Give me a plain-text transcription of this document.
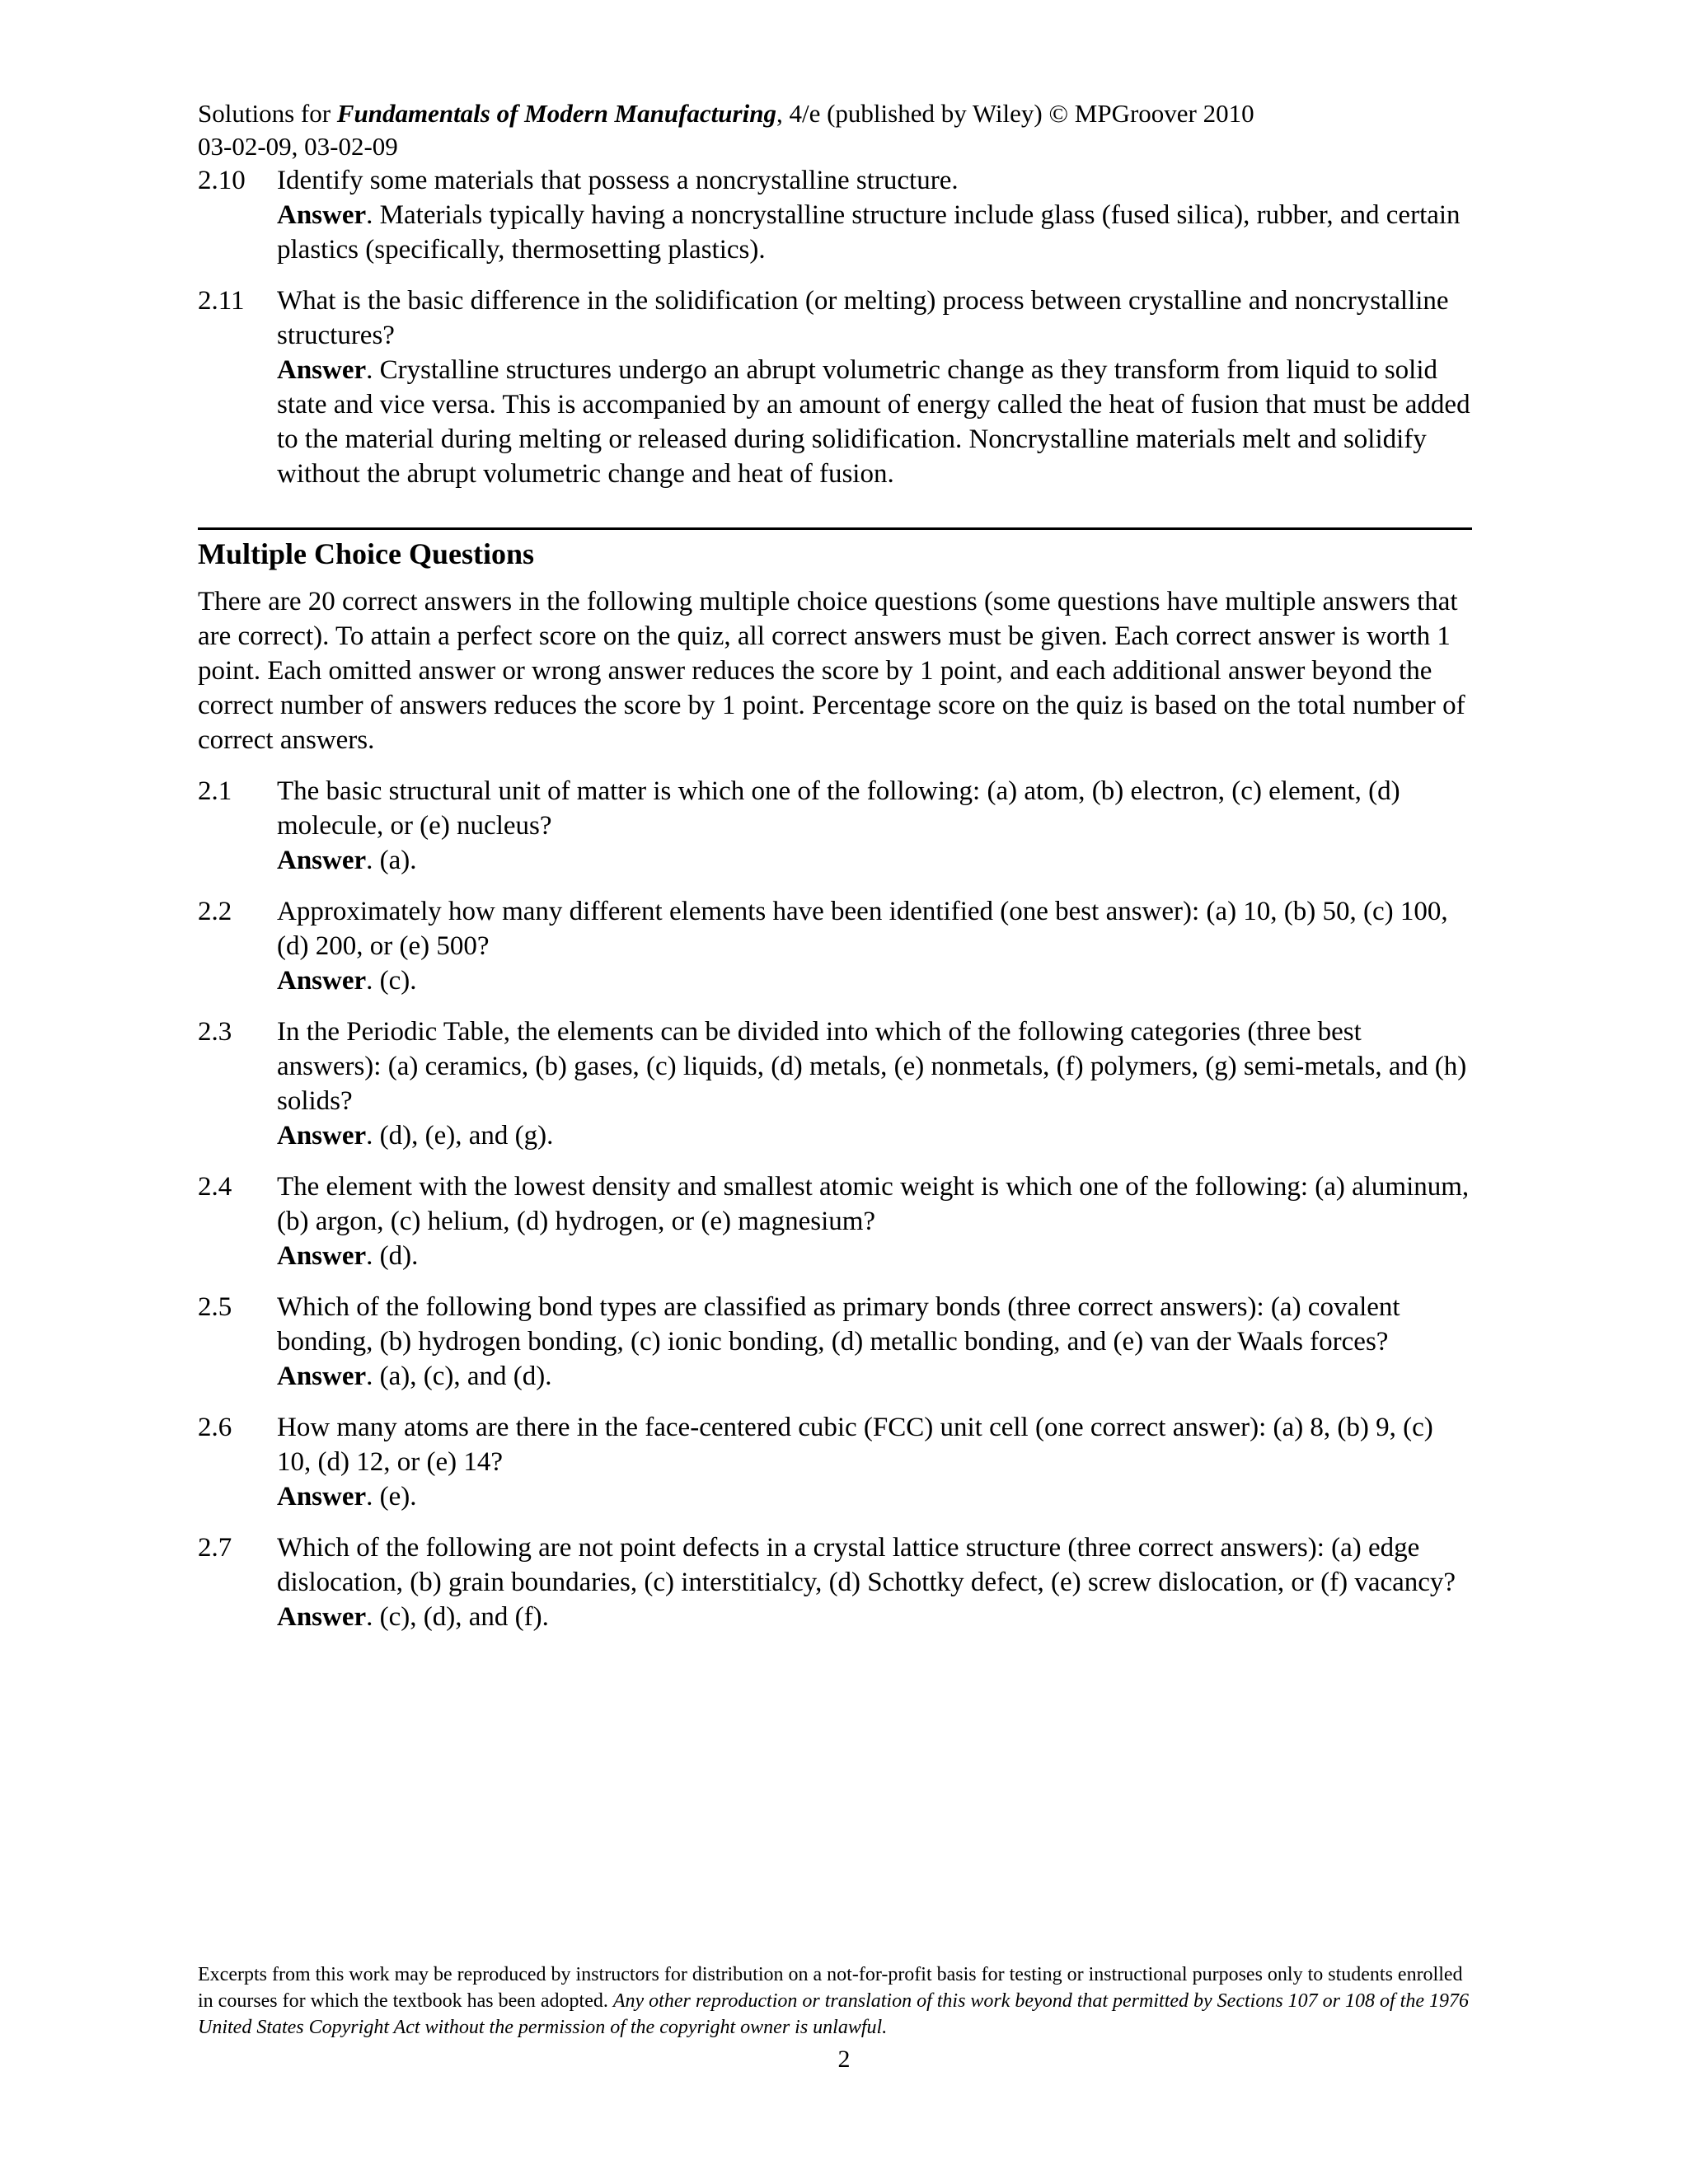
Solutions for Fundamentals of Modern Manufacturing, 4/e (published by Wiley) © MPGroover 2010
03-02-09, 03-02-09
2.10	Identify some materials that possess a noncrystalline structure.

Answer. Materials typically having a noncrystalline structure include glass (fused silica), rubber, and certain plastics (specifically, thermosetting plastics).

2.11	What is the basic difference in the solidification (or melting) process between crystalline and noncrystalline structures?

Answer. Crystalline structures undergo an abrupt volumetric change as they transform from liquid to solid state and vice versa. This is accompanied by an amount of energy called the heat of fusion that must be added to the material during melting or released during solidification. Noncrystalline materials melt and solidify without the abrupt volumetric change and heat of fusion.

Multiple Choice Questions
There are 20 correct answers in the following multiple choice questions (some questions have multiple answers that are correct). To attain a perfect score on the quiz, all correct answers must be given. Each correct answer is worth 1 point. Each omitted answer or wrong answer reduces the score by 1 point, and each additional answer beyond the correct number of answers reduces the score by 1 point. Percentage score on the quiz is based on the total number of correct answers.
2.1	The basic structural unit of matter is which one of the following: (a) atom, (b) electron, (c) element, (d) molecule, or (e) nucleus?

Answer. (a).

2.2	Approximately how many different elements have been identified (one best answer): (a) 10, (b) 50, (c) 100, (d) 200, or (e) 500?

Answer. (c).

2.3	In the Periodic Table, the elements can be divided into which of the following categories (three best answers): (a) ceramics, (b) gases, (c) liquids, (d) metals, (e) nonmetals, (f) polymers, (g) semi-metals, and (h) solids?

Answer. (d), (e), and (g).

2.4	The element with the lowest density and smallest atomic weight is which one of the following: (a) aluminum, (b) argon, (c) helium, (d) hydrogen, or (e) magnesium?

Answer. (d).

2.5	Which of the following bond types are classified as primary bonds (three correct answers): (a) covalent bonding, (b) hydrogen bonding, (c) ionic bonding, (d) metallic bonding, and (e) van der Waals forces?

Answer. (a), (c), and (d).

2.6	How many atoms are there in the face-centered cubic (FCC) unit cell (one correct answer): (a) 8, (b) 9, (c) 10, (d) 12, or (e) 14?

Answer. (e).

2.7	Which of the following are not point defects in a crystal lattice structure (three correct answers): (a) edge dislocation, (b) grain boundaries, (c) interstitialcy, (d) Schottky defect, (e) screw dislocation, or (f) vacancy?

Answer. (c), (d), and (f).

Excerpts from this work may be reproduced by instructors for distribution on a not-for-profit basis for testing or instructional purposes only to students enrolled in courses for which the textbook has been adopted. Any other reproduction or translation of this work beyond that permitted by Sections 107 or 108 of the 1976 United States Copyright Act without the permission of the copyright owner is unlawful.
2
